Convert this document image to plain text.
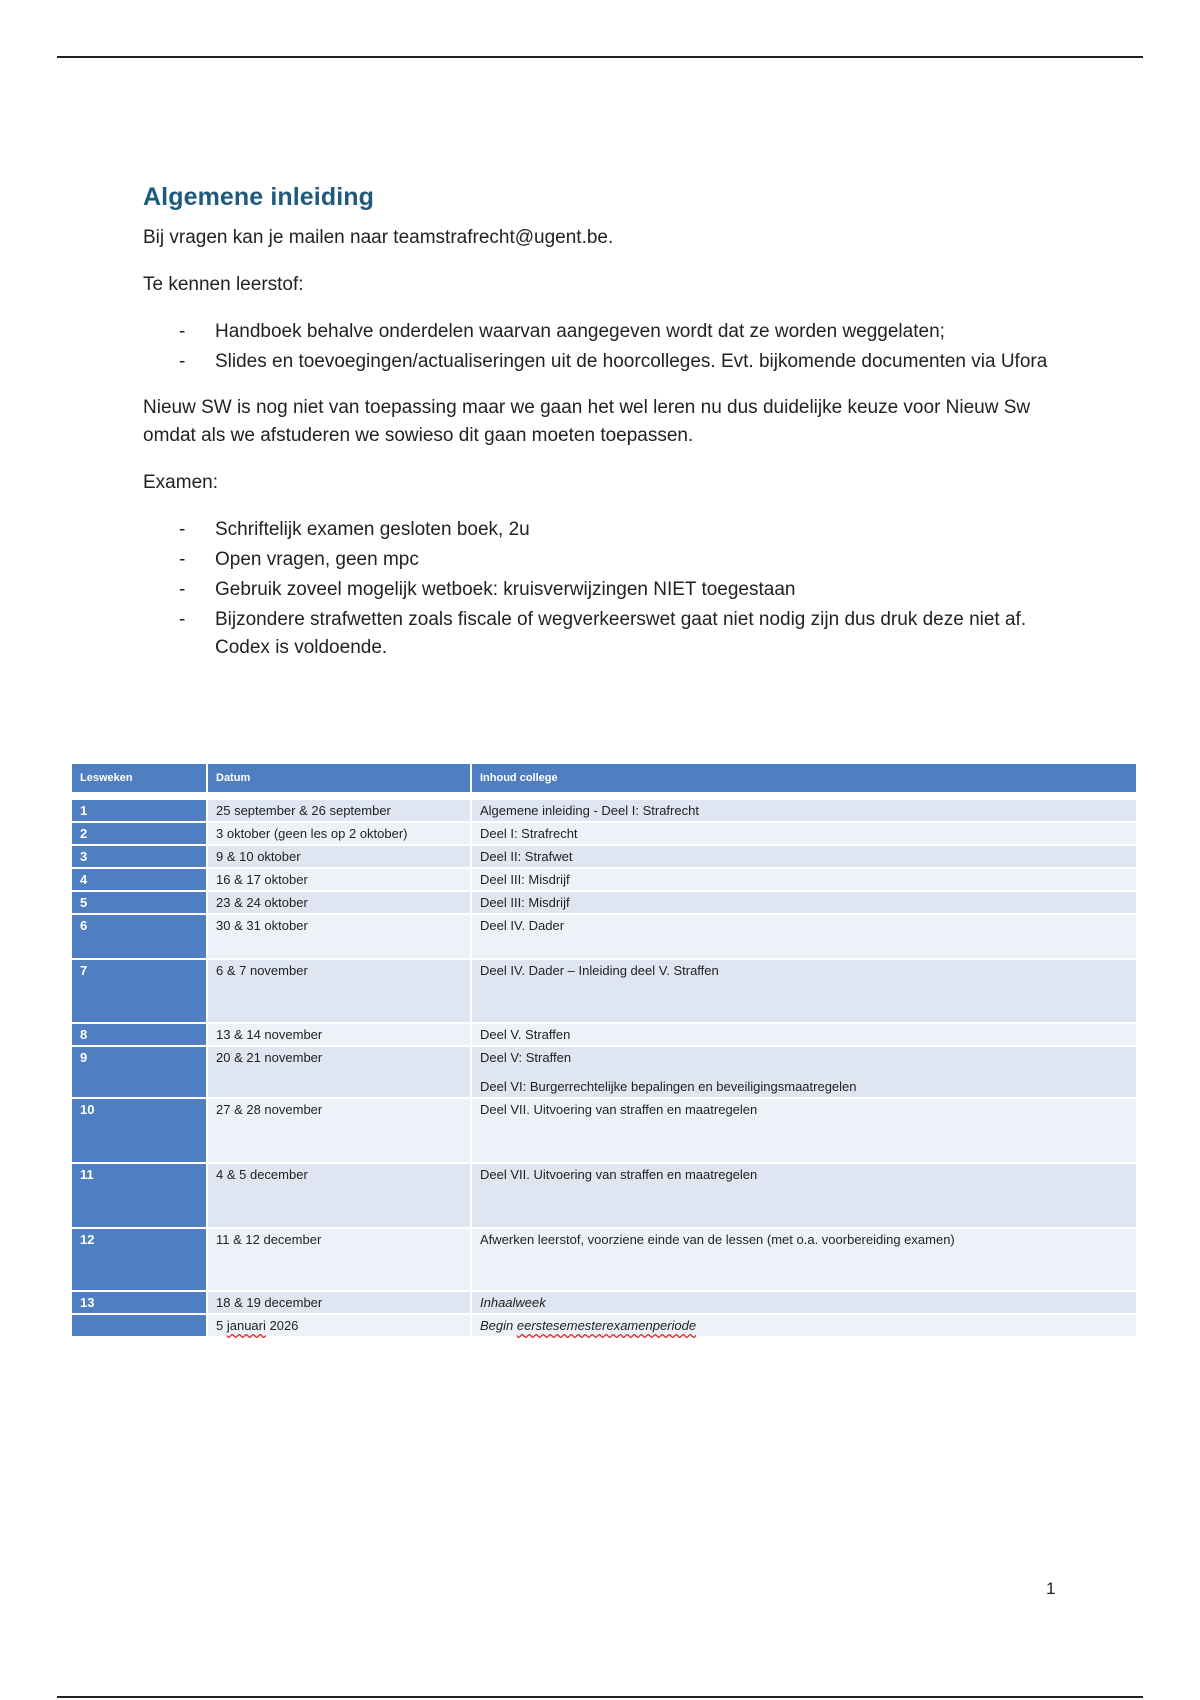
Algemene inleiding

Bij vragen kan je mailen naar teamstrafrecht@ugent.be.

Te kennen leerstof:

- Handboek behalve onderdelen waarvan aangegeven wordt dat ze worden weggelaten;
- Slides en toevoegingen/actualiseringen uit de hoorcolleges. Evt. bijkomende documenten via Ufora

Nieuw SW is nog niet van toepassing maar we gaan het wel leren nu dus duidelijke keuze voor Nieuw Sw omdat als we afstuderen we sowieso dit gaan moeten toepassen.

Examen:

- Schriftelijk examen gesloten boek, 2u
- Open vragen, geen mpc
- Gebruik zoveel mogelijk wetboek: kruisverwijzingen NIET toegestaan
- Bijzondere strafwetten zoals fiscale of wegverkeerswet gaat niet nodig zijn dus druk deze niet af. Codex is voldoende.
Lesweken	Datum	Inhoud college

1	25 september & 26 september	Algemene inleiding - Deel I: Strafrecht
2	3 oktober (geen les op 2 oktober)	Deel I: Strafrecht
3	9 & 10 oktober	Deel II: Strafwet
4	16 & 17 oktober	Deel III: Misdrijf
5	23 & 24 oktober	Deel III: Misdrijf
6	30 & 31 oktober	Deel IV. Dader
7	6 & 7 november	Deel IV. Dader – Inleiding deel V. Straffen
8	13 & 14 november	Deel V. Straffen
9	20 & 21 november	Deel V: Straffen
Deel VI: Burgerrechtelijke bepalingen en beveiligingsmaatregelen

10	27 & 28 november	Deel VII. Uitvoering van straffen en maatregelen
11	4 & 5 december	Deel VII. Uitvoering van straffen en maatregelen
12	11 & 12 december	Afwerken leerstof, voorziene einde van de lessen (met o.a. voorbereiding examen)
13	18 & 19 december	Inhaalweek
	5 januari 2026	Begin eerstesemesterexamenperiode
1
